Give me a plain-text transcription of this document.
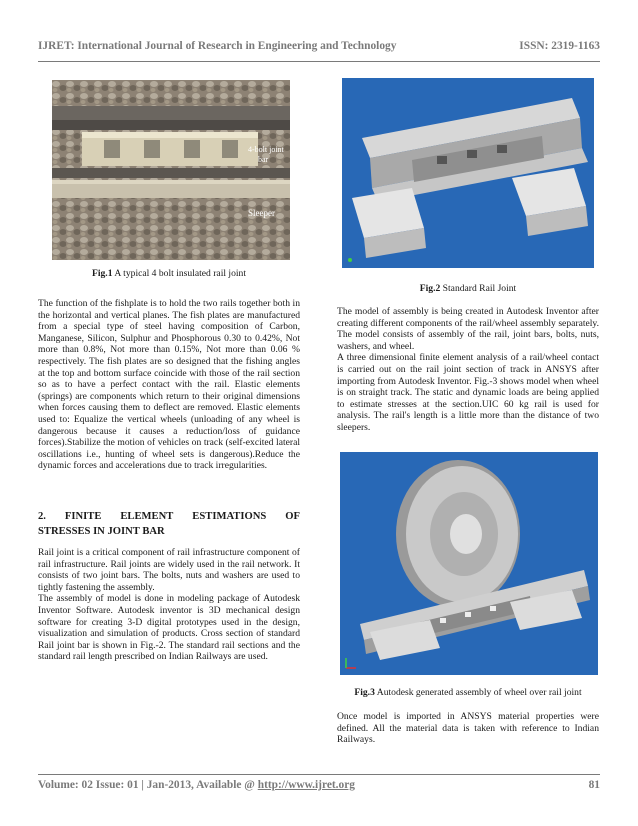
IJRET: International Journal of Research in Engineering and Technology	ISSN: 2319-1163
4-bolt joint
bar
Sleeper
Fig.1 A typical 4 bolt insulated rail joint
Fig.2 Standard Rail Joint

The function of the fishplate is to hold the two rails together both in the horizontal and vertical planes. The fish plates are manufactured from a special type of steel having composition of Carbon, Manganese, Silicon, Sulphur and Phosphorous 0.30 to 0.42%, Not more than 0.8%, Not more than 0.15%, Not more than 0.06 % respectively. The fish plates are so designed that the fishing angles at the top and bottom surface coincide with those of the rail section so as to have a perfect contact with the rail. Elastic elements (springs) are components which return to their original dimensions when forces causing them to deflect are removed. Elastic elements used to: Equalize the vertical wheels (unloading of any wheel is dangerous because it causes a reduction/loss of guidance forces).Stabilize the motion of vehicles on track (self-excited lateral oscillations i.e., hunting of wheel sets is dangerous).Reduce the dynamic forces and accelerations due to track irregularities.

2. FINITE ELEMENT ESTIMATIONS OF
STRESSES IN JOINT BAR

Rail joint is a critical component of rail infrastructure component of rail infrastructure. Rail joints are widely used in the rail network. It consists of two joint bars. The bolts, nuts and washers are used to tightly fastening the assembly.

The assembly of model is done in modeling package of Autodesk Inventor Software. Autodesk inventor is 3D mechanical design software for creating 3-D digital prototypes used in the design, visualization and simulation of products. Cross section of standard Rail joint bar is shown in Fig.-2. The standard rail sections and the standard rail length prescribed on Indian Railways are used.

The model of assembly is being created in Autodesk Inventor after creating different components of the rail/wheel assembly separately. The model consists of assembly of the rail, joint bars, bolts, nuts, washers, and wheel.

A three dimensional finite element analysis of a rail/wheel contact is carried out on the rail joint section of track in ANSYS after importing from Autodesk Inventor. Fig.-3 shows model when wheel is on straight track. The static and dynamic loads are being applied to estimate stresses at the section.UIC 60 kg rail is used for analysis. The rail's length is a little more than the distance of two sleepers.

Fig.3 Autodesk generated assembly of wheel over rail joint

Once model is imported in ANSYS material properties were defined. All the material data is taken with reference to Indian Railways.

Volume: 02 Issue: 01 | Jan-2013, Available @ http://www.ijret.org	81
